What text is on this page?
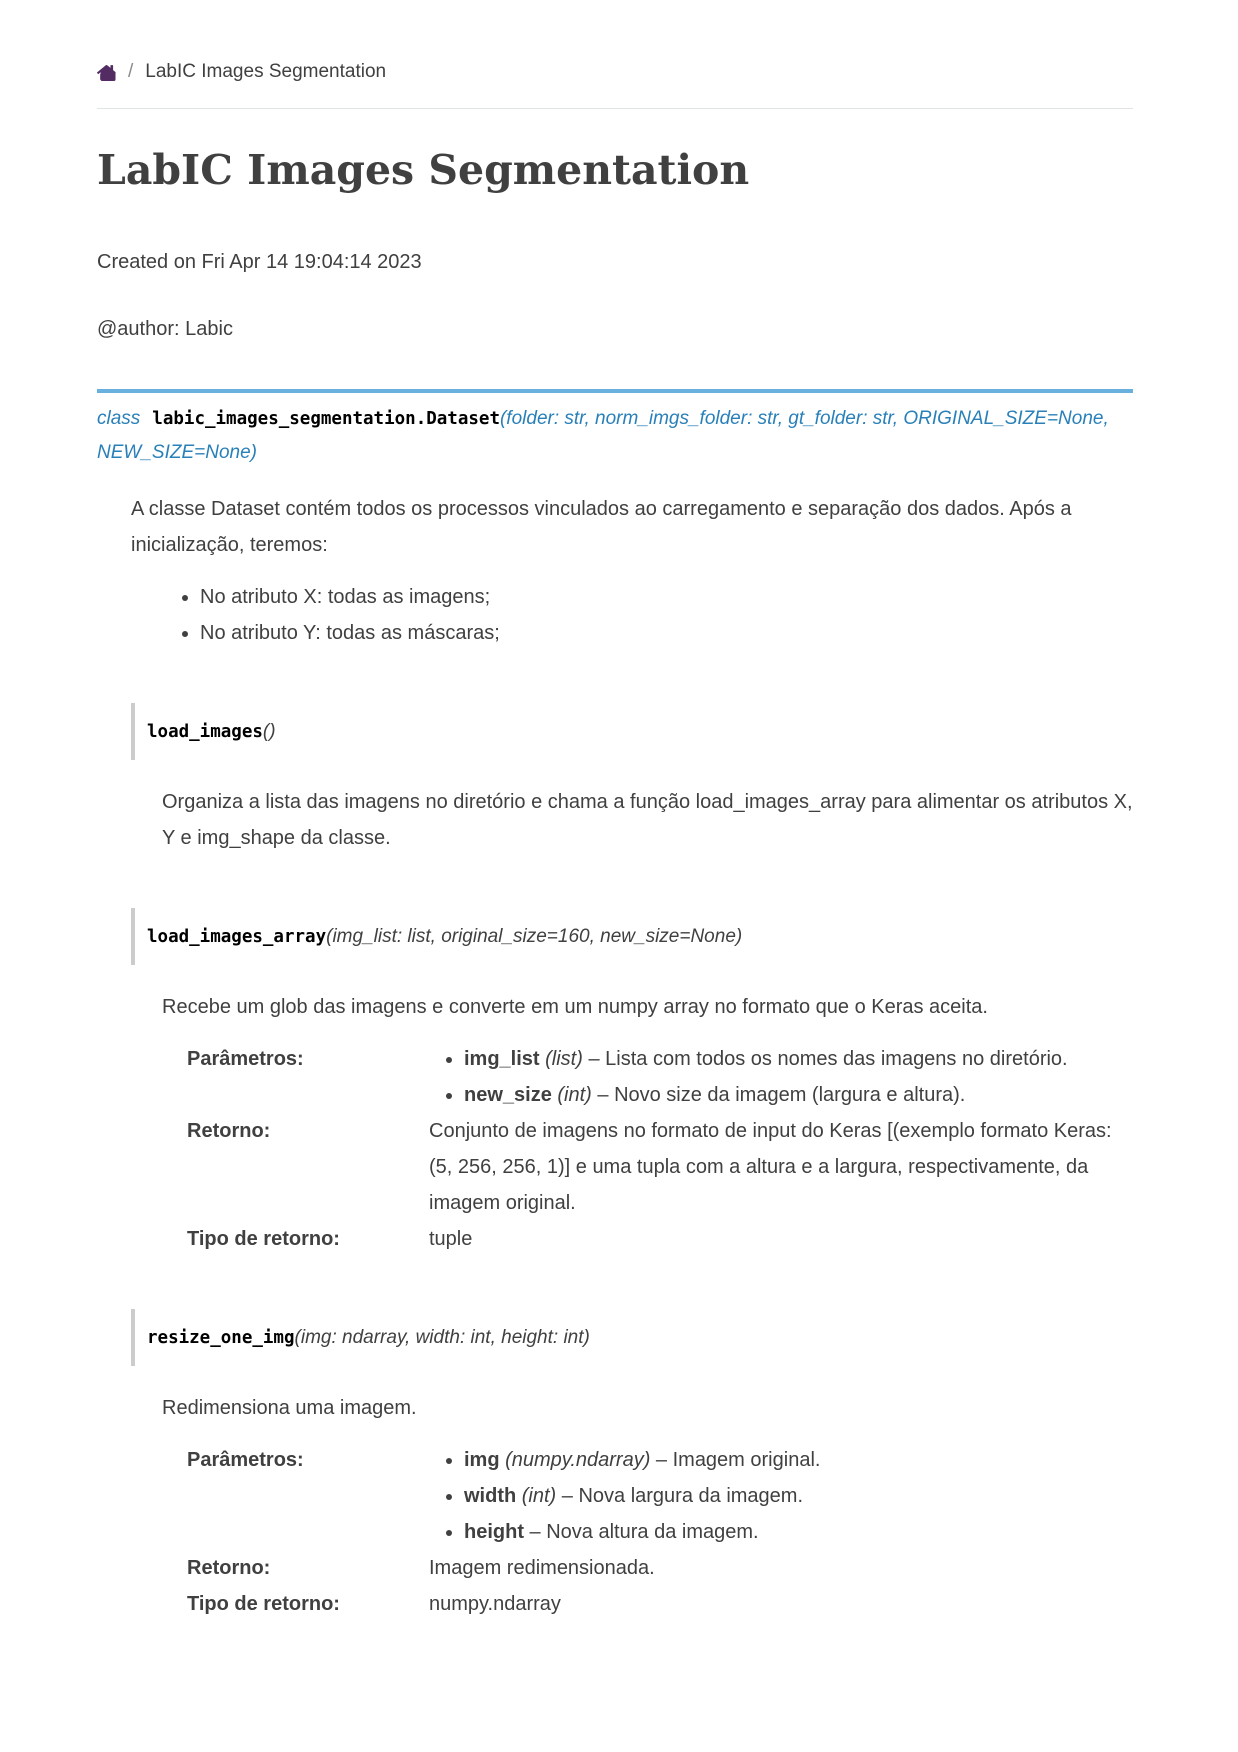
/ LabIC Images Segmentation
LabIC Images Segmentation

Created on Fri Apr 14 19:04:14 2023

@author: Labic

class labic_images_segmentation.Dataset(folder: str, norm_imgs_folder: str, gt_folder: str, ORIGINAL_SIZE=None, NEW_SIZE=None)

A classe Dataset contém todos os processos vinculados ao carregamento e separação dos dados. Após a inicialização, teremos:

• No atributo X: todas as imagens;
• No atributo Y: todas as máscaras;
load_images()

Organiza a lista das imagens no diretório e chama a função load_images_array para alimentar os atributos X, Y e img_shape da classe.

load_images_array(img_list: list, original_size=160, new_size=None)

Recebe um glob das imagens e converte em um numpy array no formato que o Keras aceita.

Parâmetros:	• img_list (list) – Lista com todos os nomes das imagens no diretório.
• new_size (int) – Novo size da imagem (largura e altura).
Retorno:	Conjunto de imagens no formato de input do Keras [(exemplo formato Keras: (5, 256, 256, 1)] e uma tupla com a altura e a largura, respectivamente, da imagem original.
Tipo de retorno:	tuple
resize_one_img(img: ndarray, width: int, height: int)

Redimensiona uma imagem.

Parâmetros:	• img (numpy.ndarray) – Imagem original.
• width (int) – Nova largura da imagem.
• height – Nova altura da imagem.
Retorno:	Imagem redimensionada.
Tipo de retorno:	numpy.ndarray
